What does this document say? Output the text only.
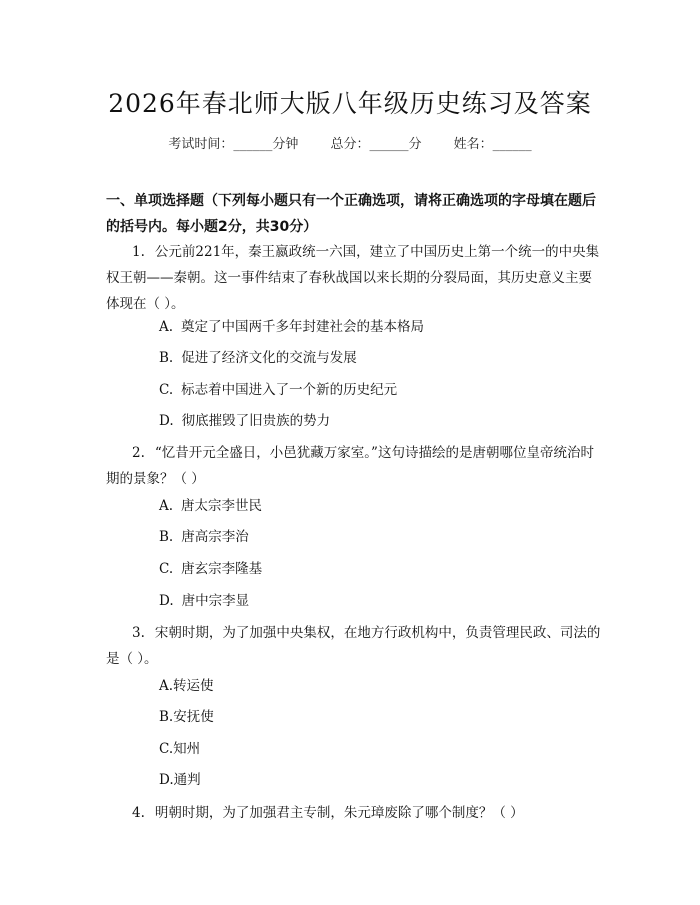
2026年春北师大版八年级历史练习及答案
考试时间：______分钟 总分：______分 姓名：______
一、单项选择题（下列每小题只有一个正确选项，请将正确选项的字母填在题后的括号内。每小题2分，共30分）
1. 公元前221年，秦王嬴政统一六国，建立了中国历史上第一个统一的中央集权王朝——秦朝。这一事件结束了春秋战国以来长期的分裂局面，其历史意义主要体现在（ ）。
A. 奠定了中国两千多年封建社会的基本格局
B. 促进了经济文化的交流与发展
C. 标志着中国进入了一个新的历史纪元
D. 彻底摧毁了旧贵族的势力
2. “忆昔开元全盛日，小邑犹藏万家室。”这句诗描绘的是唐朝哪位皇帝统治时期的景象？（ ）
A. 唐太宗李世民
B. 唐高宗李治
C. 唐玄宗李隆基
D. 唐中宗李显
3. 宋朝时期，为了加强中央集权，在地方行政机构中，负责管理民政、司法的是（ ）。
A.转运使
B.安抚使
C.知州
D.通判
4. 明朝时期，为了加强君主专制，朱元璋废除了哪个制度？（ ）
